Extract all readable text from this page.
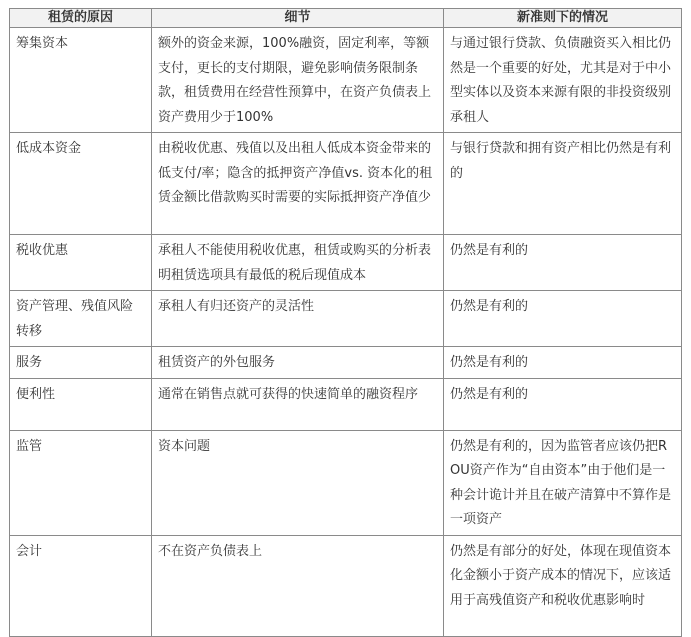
租赁的原因	细节	新准则下的情况
筹集资本	额外的资金来源，100%融资，固定利率，等额支付，更长的支付期限，避免影响债务限制条款，租赁费用在经营性预算中，在资产负债表上资产费用少于100%	与通过银行贷款、负债融资买入相比仍然是一个重要的好处，尤其是对于中小型实体以及资本来源有限的非投资级别承租人
低成本资金	由税收优惠、残值以及出租人低成本资金带来的低支付/率；隐含的抵押资产净值vs. 资本化的租赁金额比借款购买时需要的实际抵押资产净值少	与银行贷款和拥有资产相比仍然是有利的
税收优惠	承租人不能使用税收优惠，租赁或购买的分析表明租赁选项具有最低的税后现值成本	仍然是有利的
资产管理、残值风险转移	承租人有归还资产的灵活性	仍然是有利的
服务	租赁资产的外包服务	仍然是有利的
便利性	通常在销售点就可获得的快速简单的融资程序	仍然是有利的
监管	资本问题	仍然是有利的，因为监管者应该仍把ROU资产作为“自由资本”由于他们是一种会计诡计并且在破产清算中不算作是一项资产
会计	不在资产负债表上	仍然是有部分的好处，体现在现值资本化金额小于资产成本的情况下，应该适用于高残值资产和税收优惠影响时
